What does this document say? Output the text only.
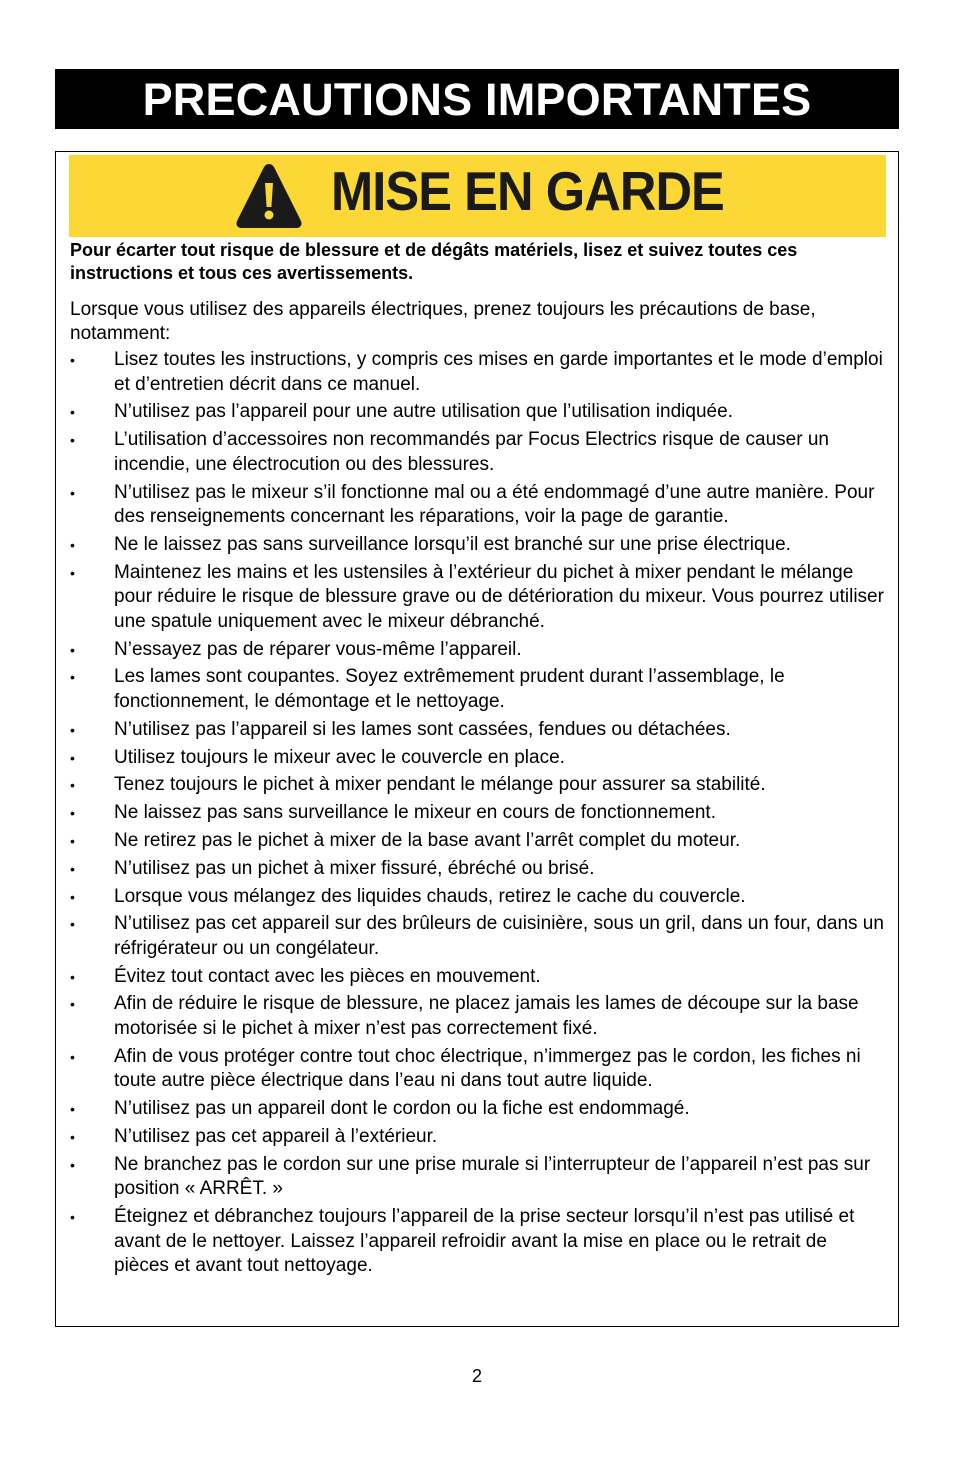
PRECAUTIONS IMPORTANTES
MISE EN GARDE
Pour écarter tout risque de blessure et de dégâts matériels, lisez et suivez toutes ces instructions et tous ces avertissements.
Lorsque vous utilisez des appareils électriques, prenez toujours les précautions de base, notamment:
•	Lisez toutes les instructions, y compris ces mises en garde importantes et le mode d’emploi et d’entretien décrit dans ce manuel.
•	N’utilisez pas l’appareil pour une autre utilisation que l’utilisation indiquée.
•	L’utilisation d’accessoires non recommandés par Focus Electrics risque de causer un incendie, une électrocution ou des blessures.
•	N’utilisez pas le mixeur s’il fonctionne mal ou a été endommagé d’une autre manière. Pour des renseignements concernant les réparations, voir la page de garantie.
•	Ne le laissez pas sans surveillance lorsqu’il est branché sur une prise électrique.
•	Maintenez les mains et les ustensiles à l’extérieur du pichet à mixer pendant le mélange pour réduire le risque de blessure grave ou de détérioration du mixeur. Vous pourrez utiliser une spatule uniquement avec le mixeur débranché.
•	N’essayez pas de réparer vous-même l’appareil.
•	Les lames sont coupantes. Soyez extrêmement prudent durant l’assemblage, le fonctionnement, le démontage et le nettoyage.
•	N’utilisez pas l’appareil si les lames sont cassées, fendues ou détachées.
•	Utilisez toujours le mixeur avec le couvercle en place.
•	Tenez toujours le pichet à mixer pendant le mélange pour assurer sa stabilité.
•	Ne laissez pas sans surveillance le mixeur en cours de fonctionnement.
•	Ne retirez pas le pichet à mixer de la base avant l’arrêt complet du moteur.
•	N’utilisez pas un pichet à mixer fissuré, ébréché ou brisé.
•	Lorsque vous mélangez des liquides chauds, retirez le cache du couvercle.
•	N’utilisez pas cet appareil sur des brûleurs de cuisinière, sous un gril, dans un four, dans un réfrigérateur ou un congélateur.
•	Évitez tout contact avec les pièces en mouvement.
•	Afin de réduire le risque de blessure, ne placez jamais les lames de découpe sur la base motorisée si le pichet à mixer n’est pas correctement fixé.
•	Afin de vous protéger contre tout choc électrique, n’immergez pas le cordon, les fiches ni toute autre pièce électrique dans l’eau ni dans tout autre liquide.
•	N’utilisez pas un appareil dont le cordon ou la fiche est endommagé.
•	N’utilisez pas cet appareil à l’extérieur.
•	Ne branchez pas le cordon sur une prise murale si l’interrupteur de l’appareil n’est pas sur position « ARRÊT. »
•	Éteignez et débranchez toujours l’appareil de la prise secteur lorsqu’il n’est pas utilisé et avant de le nettoyer. Laissez l’appareil refroidir avant la mise en place ou le retrait de pièces et avant tout nettoyage.
2
